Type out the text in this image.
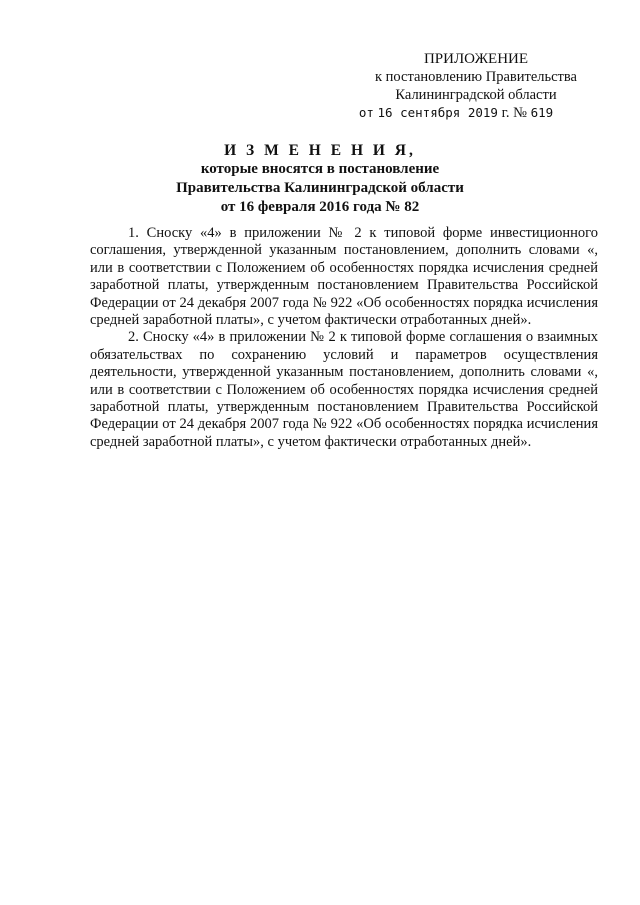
ПРИЛОЖЕНИЕ
к постановлению Правительства
Калининградской области
от 16 сентября 2019 г. № 619
И З М Е Н Е Н И Я,
которые вносятся в постановление
Правительства Калининградской области
от 16 февраля 2016 года № 82

1. Сноску «4» в приложении № 2 к типовой форме инвестиционного соглашения, утвержденной указанным постановлением, дополнить словами «, или в соответствии с Положением об особенностях порядка исчисления средней заработной платы, утвержденным постановлением Правительства Российской Федерации от 24 декабря 2007 года № 922 «Об особенностях порядка исчисления средней заработной платы», с учетом фактически отработанных дней».

2. Сноску «4» в приложении № 2 к типовой форме соглашения о взаимных обязательствах по сохранению условий и параметров осуществления деятельности, утвержденной указанным постановлением, дополнить словами «, или в соответствии с Положением об особенностях порядка исчисления средней заработной платы, утвержденным постановлением Правительства Российской Федерации от 24 декабря 2007 года № 922 «Об особенностях порядка исчисления средней заработной платы», с учетом фактически отработанных дней».
